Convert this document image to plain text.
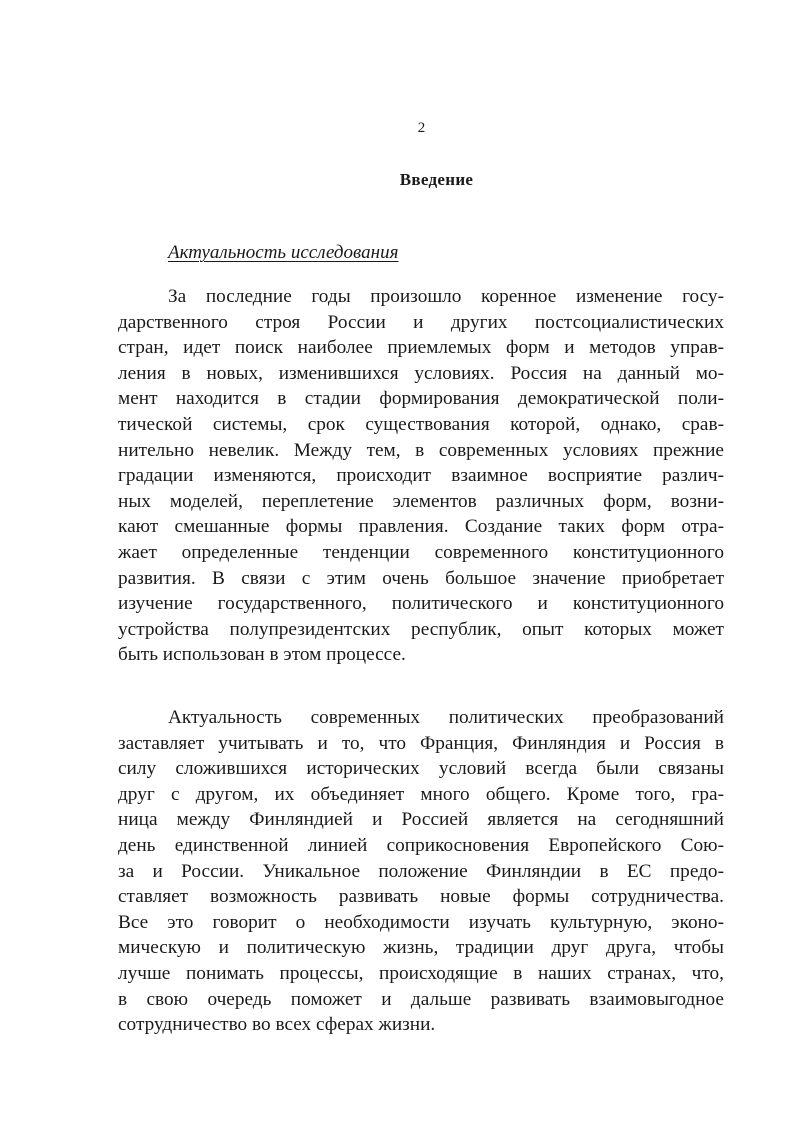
2
Введение
Актуальность исследования
За последние годы произошло коренное изменение госу-
дарственного строя России и других постсоциалистических
стран, идет поиск наиболее приемлемых форм и методов управ-
ления в новых, изменившихся условиях. Россия на данный мо-
мент находится в стадии формирования демократической поли-
тической системы, срок существования которой, однако, срав-
нительно невелик. Между тем, в современных условиях прежние
градации изменяются, происходит взаимное восприятие различ-
ных моделей, переплетение элементов различных форм, возни-
кают смешанные формы правления. Создание таких форм отра-
жает определенные тенденции современного конституционного
развития. В связи с этим очень большое значение приобретает
изучение государственного, политического и конституционного
устройства полупрезидентских республик, опыт которых может
быть использован в этом процессе.
Актуальность современных политических преобразований
заставляет учитывать и то, что Франция, Финляндия и Россия в
силу сложившихся исторических условий всегда были связаны
друг с другом, их объединяет много общего. Кроме того, гра-
ница между Финляндией и Россией является на сегодняшний
день единственной линией соприкосновения Европейского Сою-
за и России. Уникальное положение Финляндии в ЕС предо-
ставляет возможность развивать новые формы сотрудничества.
Все это говорит о необходимости изучать культурную, эконо-
мическую и политическую жизнь, традиции друг друга, чтобы
лучше понимать процессы, происходящие в наших странах, что,
в свою очередь поможет и дальше развивать взаимовыгодное
сотрудничество во всех сферах жизни.
